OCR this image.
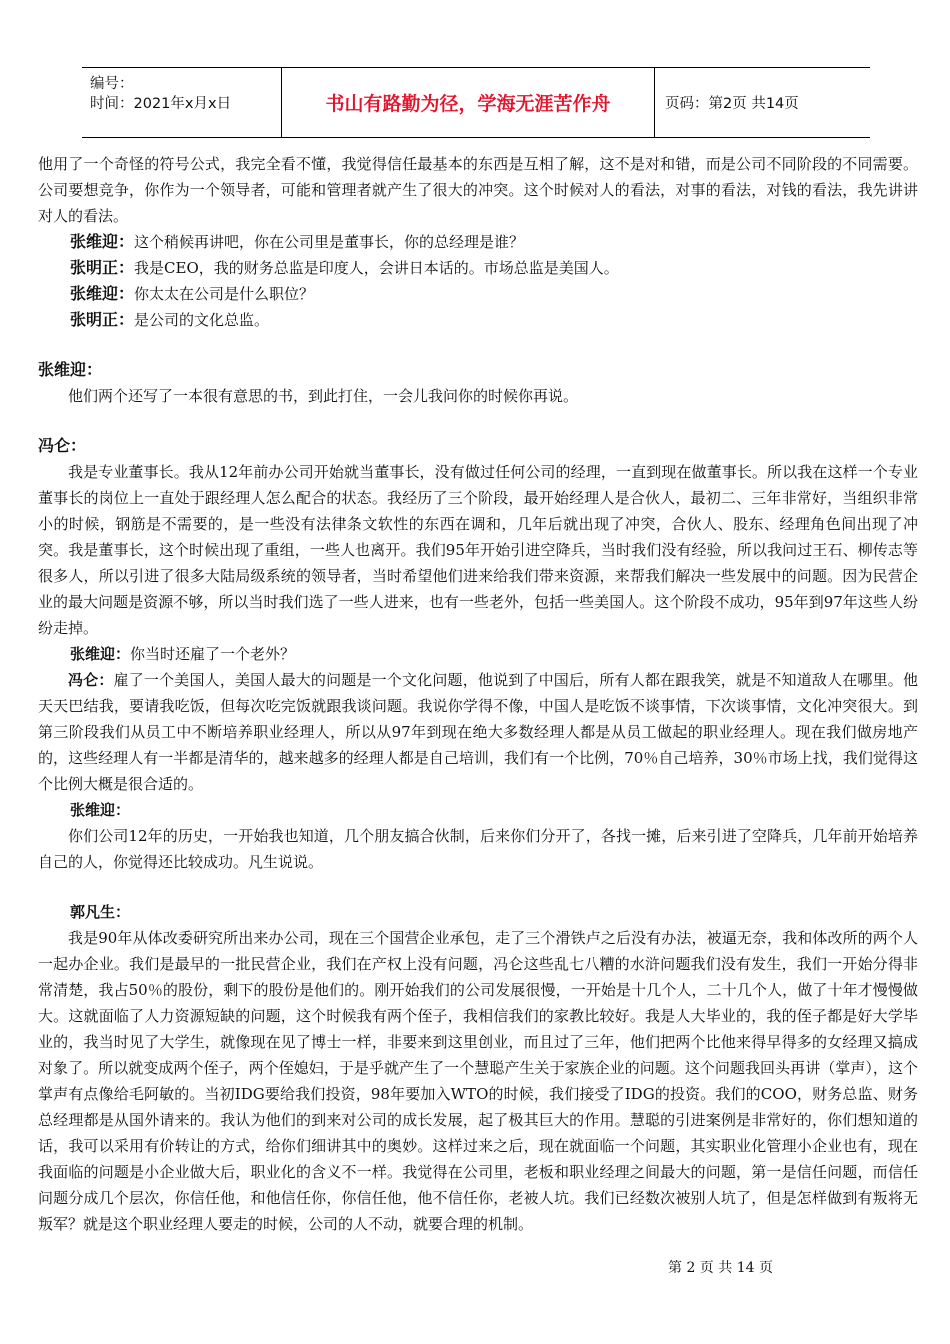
编号：
时间：2021年x月x日	书山有路勤为径，学海无涯苦作舟	页码：第2页 共14页

他用了一个奇怪的符号公式，我完全看不懂，我觉得信任最基本的东西是互相了解，这不是对和错，而是公司不同阶段的不同需要。公司要想竞争，你作为一个领导者，可能和管理者就产生了很大的冲突。这个时候对人的看法，对事的看法，对钱的看法，我先讲讲对人的看法。

张维迎：这个稍候再讲吧，你在公司里是董事长，你的总经理是谁？

张明正：我是CEO，我的财务总监是印度人，会讲日本话的。市场总监是美国人。

张维迎：你太太在公司是什么职位？

张明正：是公司的文化总监。

张维迎：

他们两个还写了一本很有意思的书，到此打住，一会儿我问你的时候你再说。

冯仑：

我是专业董事长。我从12年前办公司开始就当董事长，没有做过任何公司的经理，一直到现在做董事长。所以我在这样一个专业董事长的岗位上一直处于跟经理人怎么配合的状态。我经历了三个阶段，最开始经理人是合伙人，最初二、三年非常好，当组织非常小的时候，钢筋是不需要的，是一些没有法律条文软性的东西在调和，几年后就出现了冲突，合伙人、股东、经理角色间出现了冲突。我是董事长，这个时候出现了重组，一些人也离开。我们95年开始引进空降兵，当时我们没有经验，所以我问过王石、柳传志等很多人，所以引进了很多大陆局级系统的领导者，当时希望他们进来给我们带来资源，来帮我们解决一些发展中的问题。因为民营企业的最大问题是资源不够，所以当时我们选了一些人进来，也有一些老外，包括一些美国人。这个阶段不成功，95年到97年这些人纷纷走掉。

张维迎：你当时还雇了一个老外？

冯仑：雇了一个美国人，美国人最大的问题是一个文化问题，他说到了中国后，所有人都在跟我笑，就是不知道敌人在哪里。他天天巴结我，要请我吃饭，但每次吃完饭就跟我谈问题。我说你学得不像，中国人是吃饭不谈事情，下次谈事情，文化冲突很大。到第三阶段我们从员工中不断培养职业经理人，所以从97年到现在绝大多数经理人都是从员工做起的职业经理人。现在我们做房地产的，这些经理人有一半都是清华的，越来越多的经理人都是自己培训，我们有一个比例，70％自己培养，30％市场上找，我们觉得这个比例大概是很合适的。

张维迎：

你们公司12年的历史，一开始我也知道，几个朋友搞合伙制，后来你们分开了，各找一摊，后来引进了空降兵，几年前开始培养自己的人，你觉得还比较成功。凡生说说。

郭凡生：

我是90年从体改委研究所出来办公司，现在三个国营企业承包，走了三个滑铁卢之后没有办法，被逼无奈，我和体改所的两个人一起办企业。我们是最早的一批民营企业，我们在产权上没有问题，冯仑这些乱七八糟的水浒问题我们没有发生，我们一开始分得非常清楚，我占50％的股份，剩下的股份是他们的。刚开始我们的公司发展很慢，一开始是十几个人，二十几个人，做了十年才慢慢做大。这就面临了人力资源短缺的问题，这个时候我有两个侄子，我相信我们的家教比较好。我是人大毕业的，我的侄子都是好大学毕业的，我当时见了大学生，就像现在见了博士一样，非要来到这里创业，而且过了三年，他们把两个比他来得早得多的女经理又搞成对象了。所以就变成两个侄子，两个侄媳妇，于是乎就产生了一个慧聪产生关于家族企业的问题。这个问题我回头再讲（掌声），这个掌声有点像给毛阿敏的。当初IDG要给我们投资，98年要加入WTO的时候，我们接受了IDG的投资。我们的COO，财务总监、财务总经理都是从国外请来的。我认为他们的到来对公司的成长发展，起了极其巨大的作用。慧聪的引进案例是非常好的，你们想知道的话，我可以采用有价转让的方式，给你们细讲其中的奥妙。这样过来之后，现在就面临一个问题，其实职业化管理小企业也有，现在我面临的问题是小企业做大后，职业化的含义不一样。我觉得在公司里，老板和职业经理之间最大的问题，第一是信任问题，而信任问题分成几个层次，你信任他，和他信任你，你信任他，他不信任你，老被人坑。我们已经数次被别人坑了，但是怎样做到有叛将无叛军？就是这个职业经理人要走的时候，公司的人不动，就要合理的机制。

第 2 页 共 14 页
